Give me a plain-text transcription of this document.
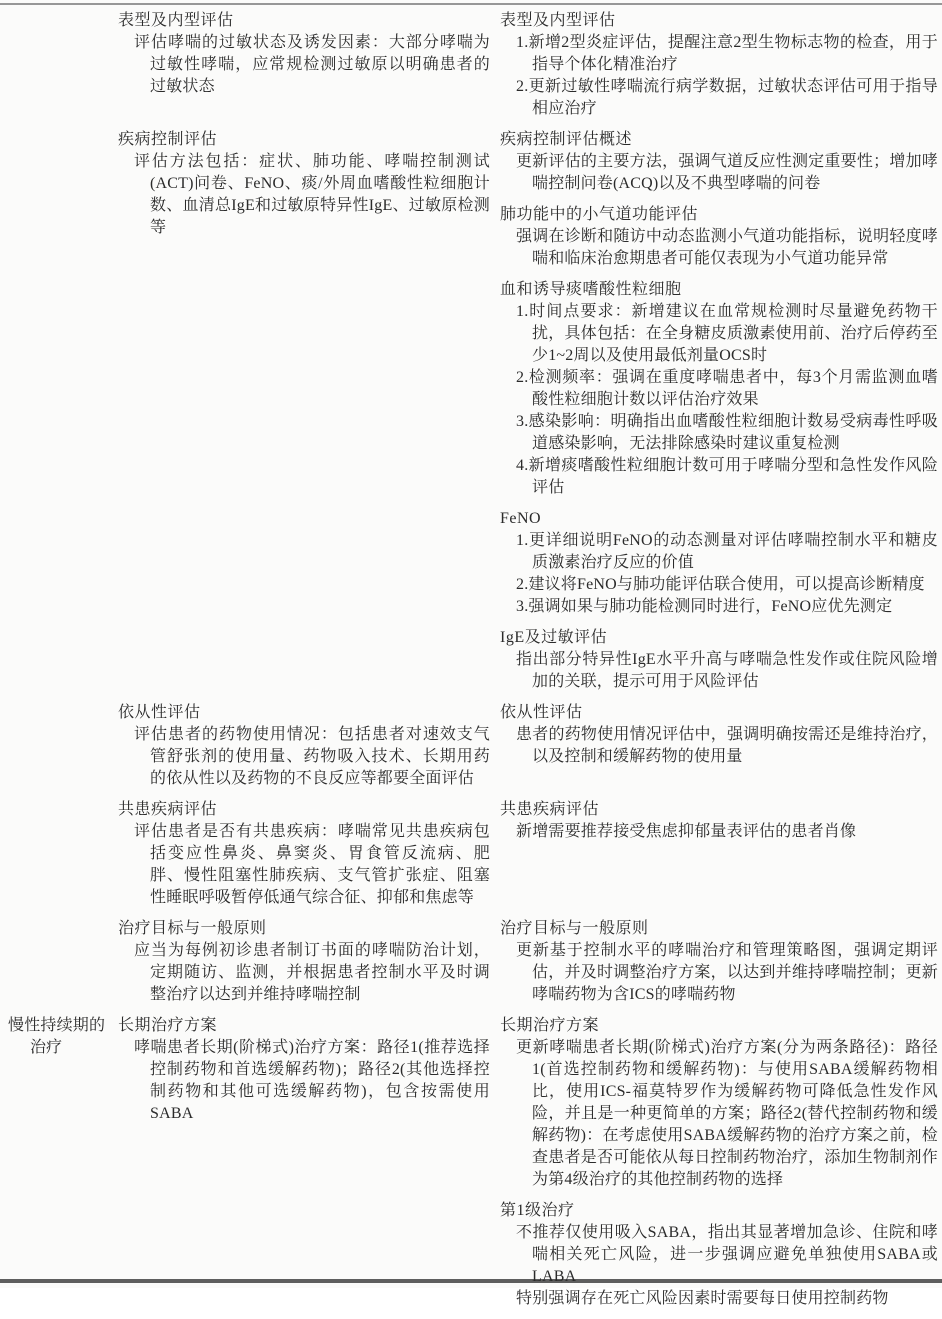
表型及内型评估

评估哮喘的过敏状态及诱发因素：大部分哮喘为过敏性哮喘，应常规检测过敏原以明确患者的过敏状态

表型及内型评估

1.新增2型炎症评估，提醒注意2型生物标志物的检查，用于指导个体化精准治疗

2.更新过敏性哮喘流行病学数据，过敏状态评估可用于指导相应治疗

疾病控制评估

评估方法包括：症状、肺功能、哮喘控制测试(ACT)问卷、FeNO、痰/外周血嗜酸性粒细胞计数、血清总IgE和过敏原特异性IgE、过敏原检测等

疾病控制评估概述

更新评估的主要方法，强调气道反应性测定重要性；增加哮喘控制问卷(ACQ)以及不典型哮喘的问卷

肺功能中的小气道功能评估

强调在诊断和随访中动态监测小气道功能指标，说明轻度哮喘和临床治愈期患者可能仅表现为小气道功能异常

血和诱导痰嗜酸性粒细胞

1.时间点要求：新增建议在血常规检测时尽量避免药物干扰，具体包括：在全身糖皮质激素使用前、治疗后停药至少1~2周以及使用最低剂量OCS时

2.检测频率：强调在重度哮喘患者中，每3个月需监测血嗜酸性粒细胞计数以评估治疗效果

3.感染影响：明确指出血嗜酸性粒细胞计数易受病毒性呼吸道感染影响，无法排除感染时建议重复检测

4.新增痰嗜酸性粒细胞计数可用于哮喘分型和急性发作风险评估

FeNO

1.更详细说明FeNO的动态测量对评估哮喘控制水平和糖皮质激素治疗反应的价值

2.建议将FeNO与肺功能评估联合使用，可以提高诊断精度

3.强调如果与肺功能检测同时进行，FeNO应优先测定

IgE及过敏评估

指出部分特异性IgE水平升高与哮喘急性发作或住院风险增加的关联，提示可用于风险评估

依从性评估

评估患者的药物使用情况：包括患者对速效支气管舒张剂的使用量、药物吸入技术、长期用药的依从性以及药物的不良反应等都要全面评估

依从性评估

患者的药物使用情况评估中，强调明确按需还是维持治疗，以及控制和缓解药物的使用量

共患疾病评估

评估患者是否有共患疾病：哮喘常见共患疾病包括变应性鼻炎、鼻窦炎、胃食管反流病、肥胖、慢性阻塞性肺疾病、支气管扩张症、阻塞性睡眠呼吸暂停低通气综合征、抑郁和焦虑等

共患疾病评估

新增需要推荐接受焦虑抑郁量表评估的患者肖像

治疗目标与一般原则

应当为每例初诊患者制订书面的哮喘防治计划，定期随访、监测，并根据患者控制水平及时调整治疗以达到并维持哮喘控制

治疗目标与一般原则

更新基于控制水平的哮喘治疗和管理策略图，强调定期评估，并及时调整治疗方案，以达到并维持哮喘控制；更新哮喘药物为含ICS的哮喘药物

慢性持续期的
治疗
长期治疗方案

哮喘患者长期(阶梯式)治疗方案：路径1(推荐选择控制药物和首选缓解药物)；路径2(其他选择控制药物和其他可选缓解药物)，包含按需使用SABA

长期治疗方案

更新哮喘患者长期(阶梯式)治疗方案(分为两条路径)：路径1(首选控制药物和缓解药物)：与使用SABA缓解药物相比，使用ICS-福莫特罗作为缓解药物可降低急性发作风险，并且是一种更简单的方案；路径2(替代控制药物和缓解药物)：在考虑使用SABA缓解药物的治疗方案之前，检查患者是否可能依从每日控制药物治疗，添加生物制剂作为第4级治疗的其他控制药物的选择

第1级治疗

不推荐仅使用吸入SABA，指出其显著增加急诊、住院和哮喘相关死亡风险，进一步强调应避免单独使用SABA或LABA

特别强调存在死亡风险因素时需要每日使用控制药物
